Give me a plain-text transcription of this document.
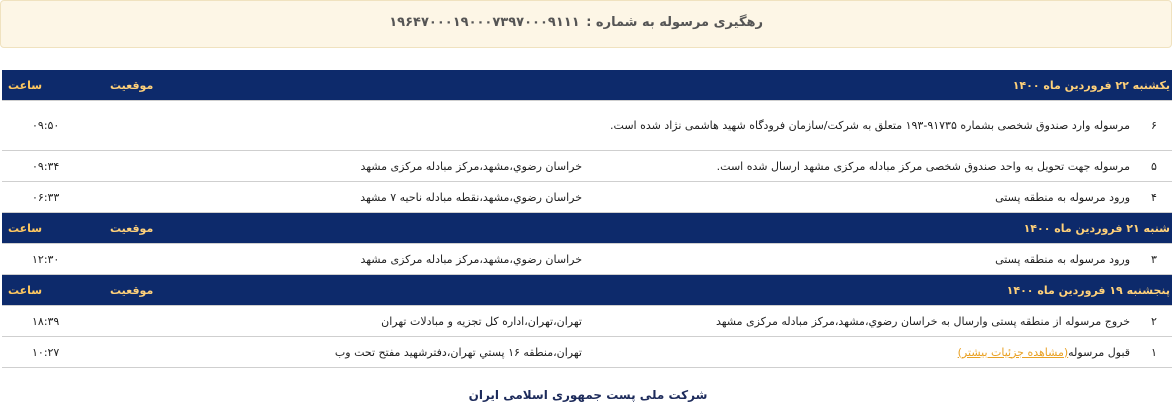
رهگیری مرسوله به شماره : ۱۹۶۴۷۰۰۰۱۹۰۰۰۷۳۹۷۰۰۰۹۱۱۱
یکشنبه ۲۲ فروردین ماه ۱۴۰۰		موقعیت	ساعت
۶	مرسوله وارد صندوق شخصی بشماره ۹۱۷۳۵-۱۹۳ متعلق به شرکت/سازمان فرودگاه شهید هاشمی نژاد شده است.		۰۹:۵۰
۵	مرسوله جهت تحویل به واحد صندوق شخصی مرکز مبادله مرکزی مشهد ارسال شده است.	خراسان رضوي،مشهد،مرکز مبادله مرکزی مشهد	۰۹:۳۴
۴	ورود مرسوله به منطقه پستی	خراسان رضوي،مشهد،نقطه مبادله ناحیه ۷ مشهد	۰۶:۳۳
شنبه ۲۱ فروردین ماه ۱۴۰۰		موقعیت	ساعت
۳	ورود مرسوله به منطقه پستی	خراسان رضوي،مشهد،مرکز مبادله مرکزی مشهد	۱۲:۳۰
پنجشنبه ۱۹ فروردین ماه ۱۴۰۰		موقعیت	ساعت
۲	خروج مرسوله از منطقه پستی وارسال به خراسان رضوي،مشهد،مرکز مبادله مرکزی مشهد	تهران،تهران،اداره کل تجزیه و مبادلات تهران	۱۸:۳۹
۱	قبول مرسوله(مشاهده جزئیات بیشتر)	تهران،منطقه ۱۶ پستي تهران،دفترشهيد مفتح تحت وب	۱۰:۲۷
شرکت ملی پست جمهوری اسلامی ایران
